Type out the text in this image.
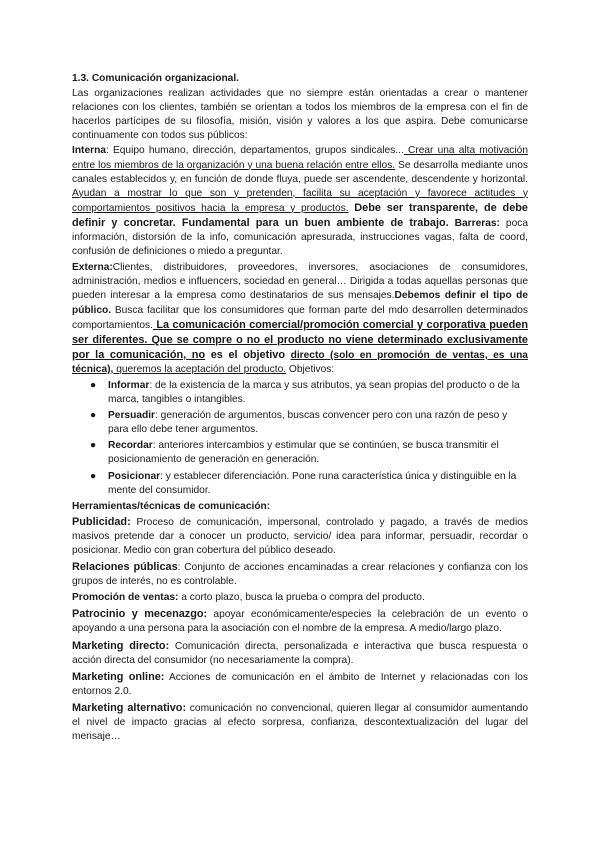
1.3. Comunicación organizacional.

Las organizaciones realizan actividades que no siempre están orientadas a crear o mantener relaciones con los clientes, también se orientan a todos los miembros de la empresa con el fin de hacerlos partícipes de su filosofía, misión, visión y valores a los que aspira. Debe comunicarse continuamente con todos sus públicos:

Interna: Equipo humano, dirección, departamentos, grupos sindicales... Crear una alta motivación entre los miembros de la organización y una buena relación entre ellos. Se desarrolla mediante unos canales establecidos y, en función de donde fluya, puede ser ascendente, descendente y horizontal. Ayudan a mostrar lo que son y pretenden, facilita su aceptación y favorece actitudes y comportamientos positivos hacia la empresa y productos. Debe ser transparente, de debe definir y concretar. Fundamental para un buen ambiente de trabajo. Barreras: poca información, distorsión de la info, comunicación apresurada, instrucciones vagas, falta de coord, confusión de definiciones o miedo a preguntar.

Externa:Clientes, distribuidores, proveedores, inversores, asociaciones de consumidores, administración, medios e influencers, sociedad en general… Dirigida a todas aquellas personas que pueden interesar a la empresa como destinatarios de sus mensajes.Debemos definir el tipo de público. Busca facilitar que los consumidores que forman parte del mdo desarrollen determinados comportamientos. La comunicación comercial/promoción comercial y corporativa pueden ser diferentes. Que se compre o no el producto no viene determinado exclusivamente por la comunicación, no es el objetivo directo (solo en promoción de ventas, es una técnica), queremos la aceptación del producto. Objetivos:

● Informar: de la existencia de la marca y sus atributos, ya sean propias del producto o de la marca, tangibles o intangibles.
● Persuadir: generación de argumentos, buscas convencer pero con una razón de peso y para ello debe tener argumentos.
● Recordar: anteriores intercambios y estimular que se continúen, se busca transmitir el posicionamiento de generación en generación.
● Posicionar: y establecer diferenciación. Pone runa característica única y distinguible en la mente del consumidor.
Herramientas/técnicas de comunicación:

Publicidad: Proceso de comunicación, impersonal, controlado y pagado, a través de medios masivos pretende dar a conocer un producto, servicio/ idea para informar, persuadir, recordar o posicionar. Medio con gran cobertura del público deseado.

Relaciones públicas: Conjunto de acciones encaminadas a crear relaciones y confianza con los grupos de interés, no es controlable.

Promoción de ventas: a corto plazo, busca la prueba o compra del producto.

Patrocinio y mecenazgo: apoyar económicamente/especies la celebración de un evento o apoyando a una persona para la asociación con el nombre de la empresa. A medio/largo plazo.

Marketing directo: Comunicación directa, personalizada e interactiva que busca respuesta o acción directa del consumidor (no necesariamente la compra).

Marketing online: Acciones de comunicación en el ámbito de Internet y relacionadas con los entornos 2.0.

Marketing alternativo: comunicación no convencional, quieren llegar al consumidor aumentando el nivel de impacto gracias al efecto sorpresa, confianza, descontextualización del lugar del mensaje…
